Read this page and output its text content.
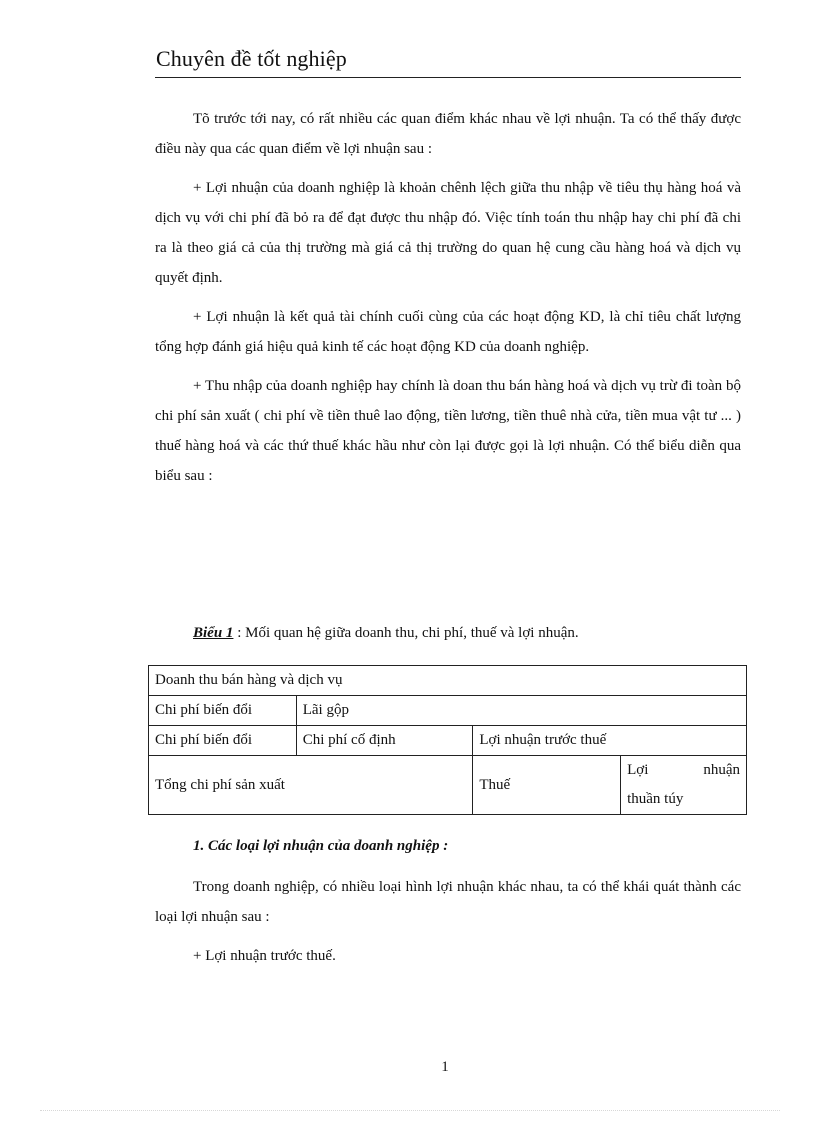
Chuyên đề tốt nghiệp

Tõ trước tới nay, có rất nhiều các quan điểm khác nhau về lợi nhuận. Ta có thể thấy được điều này qua các quan điểm về lợi nhuận sau :

+ Lợi nhuận của doanh nghiệp là khoản chênh lệch giữa thu nhập về tiêu thụ hàng hoá và dịch vụ với chi phí đã bỏ ra để đạt được thu nhập đó. Việc tính toán thu nhập hay chi phí đã chi ra là theo giá cả của thị trường mà giá cả thị trường do quan hệ cung cầu hàng hoá và dịch vụ quyết định.

+ Lợi nhuận là kết quả tài chính cuối cùng của các hoạt động KD, là chỉ tiêu chất lượng tổng hợp đánh giá hiệu quả kinh tế các hoạt động KD của doanh nghiệp.

+ Thu nhập của doanh nghiệp hay chính là doan thu bán hàng hoá và dịch vụ trừ đi toàn bộ chi phí sản xuất ( chi phí về tiền thuê lao động, tiền lương, tiền thuê nhà cửa, tiền mua vật tư ... ) thuế hàng hoá và các thứ thuế khác hầu như còn lại được gọi là lợi nhuận. Có thể biểu diễn qua biểu sau :

Biểu 1 : Mối quan hệ giữa doanh thu, chi phí, thuế và lợi nhuận.
Doanh thu bán hàng và dịch vụ			
Chi phí biến đổi	Lãi gộp		
Chi phí biến đổi	Chi phí cố định	Lợi nhuận trước thuế	
Tổng chi phí sản xuất		Thuế	Lợi nhuận
thuần túy
1. Các loại lợi nhuận của doanh nghiệp :

Trong doanh nghiệp, có nhiều loại hình lợi nhuận khác nhau, ta có thể khái quát thành các loại lợi nhuận sau :

+ Lợi nhuận trước thuế.

1
